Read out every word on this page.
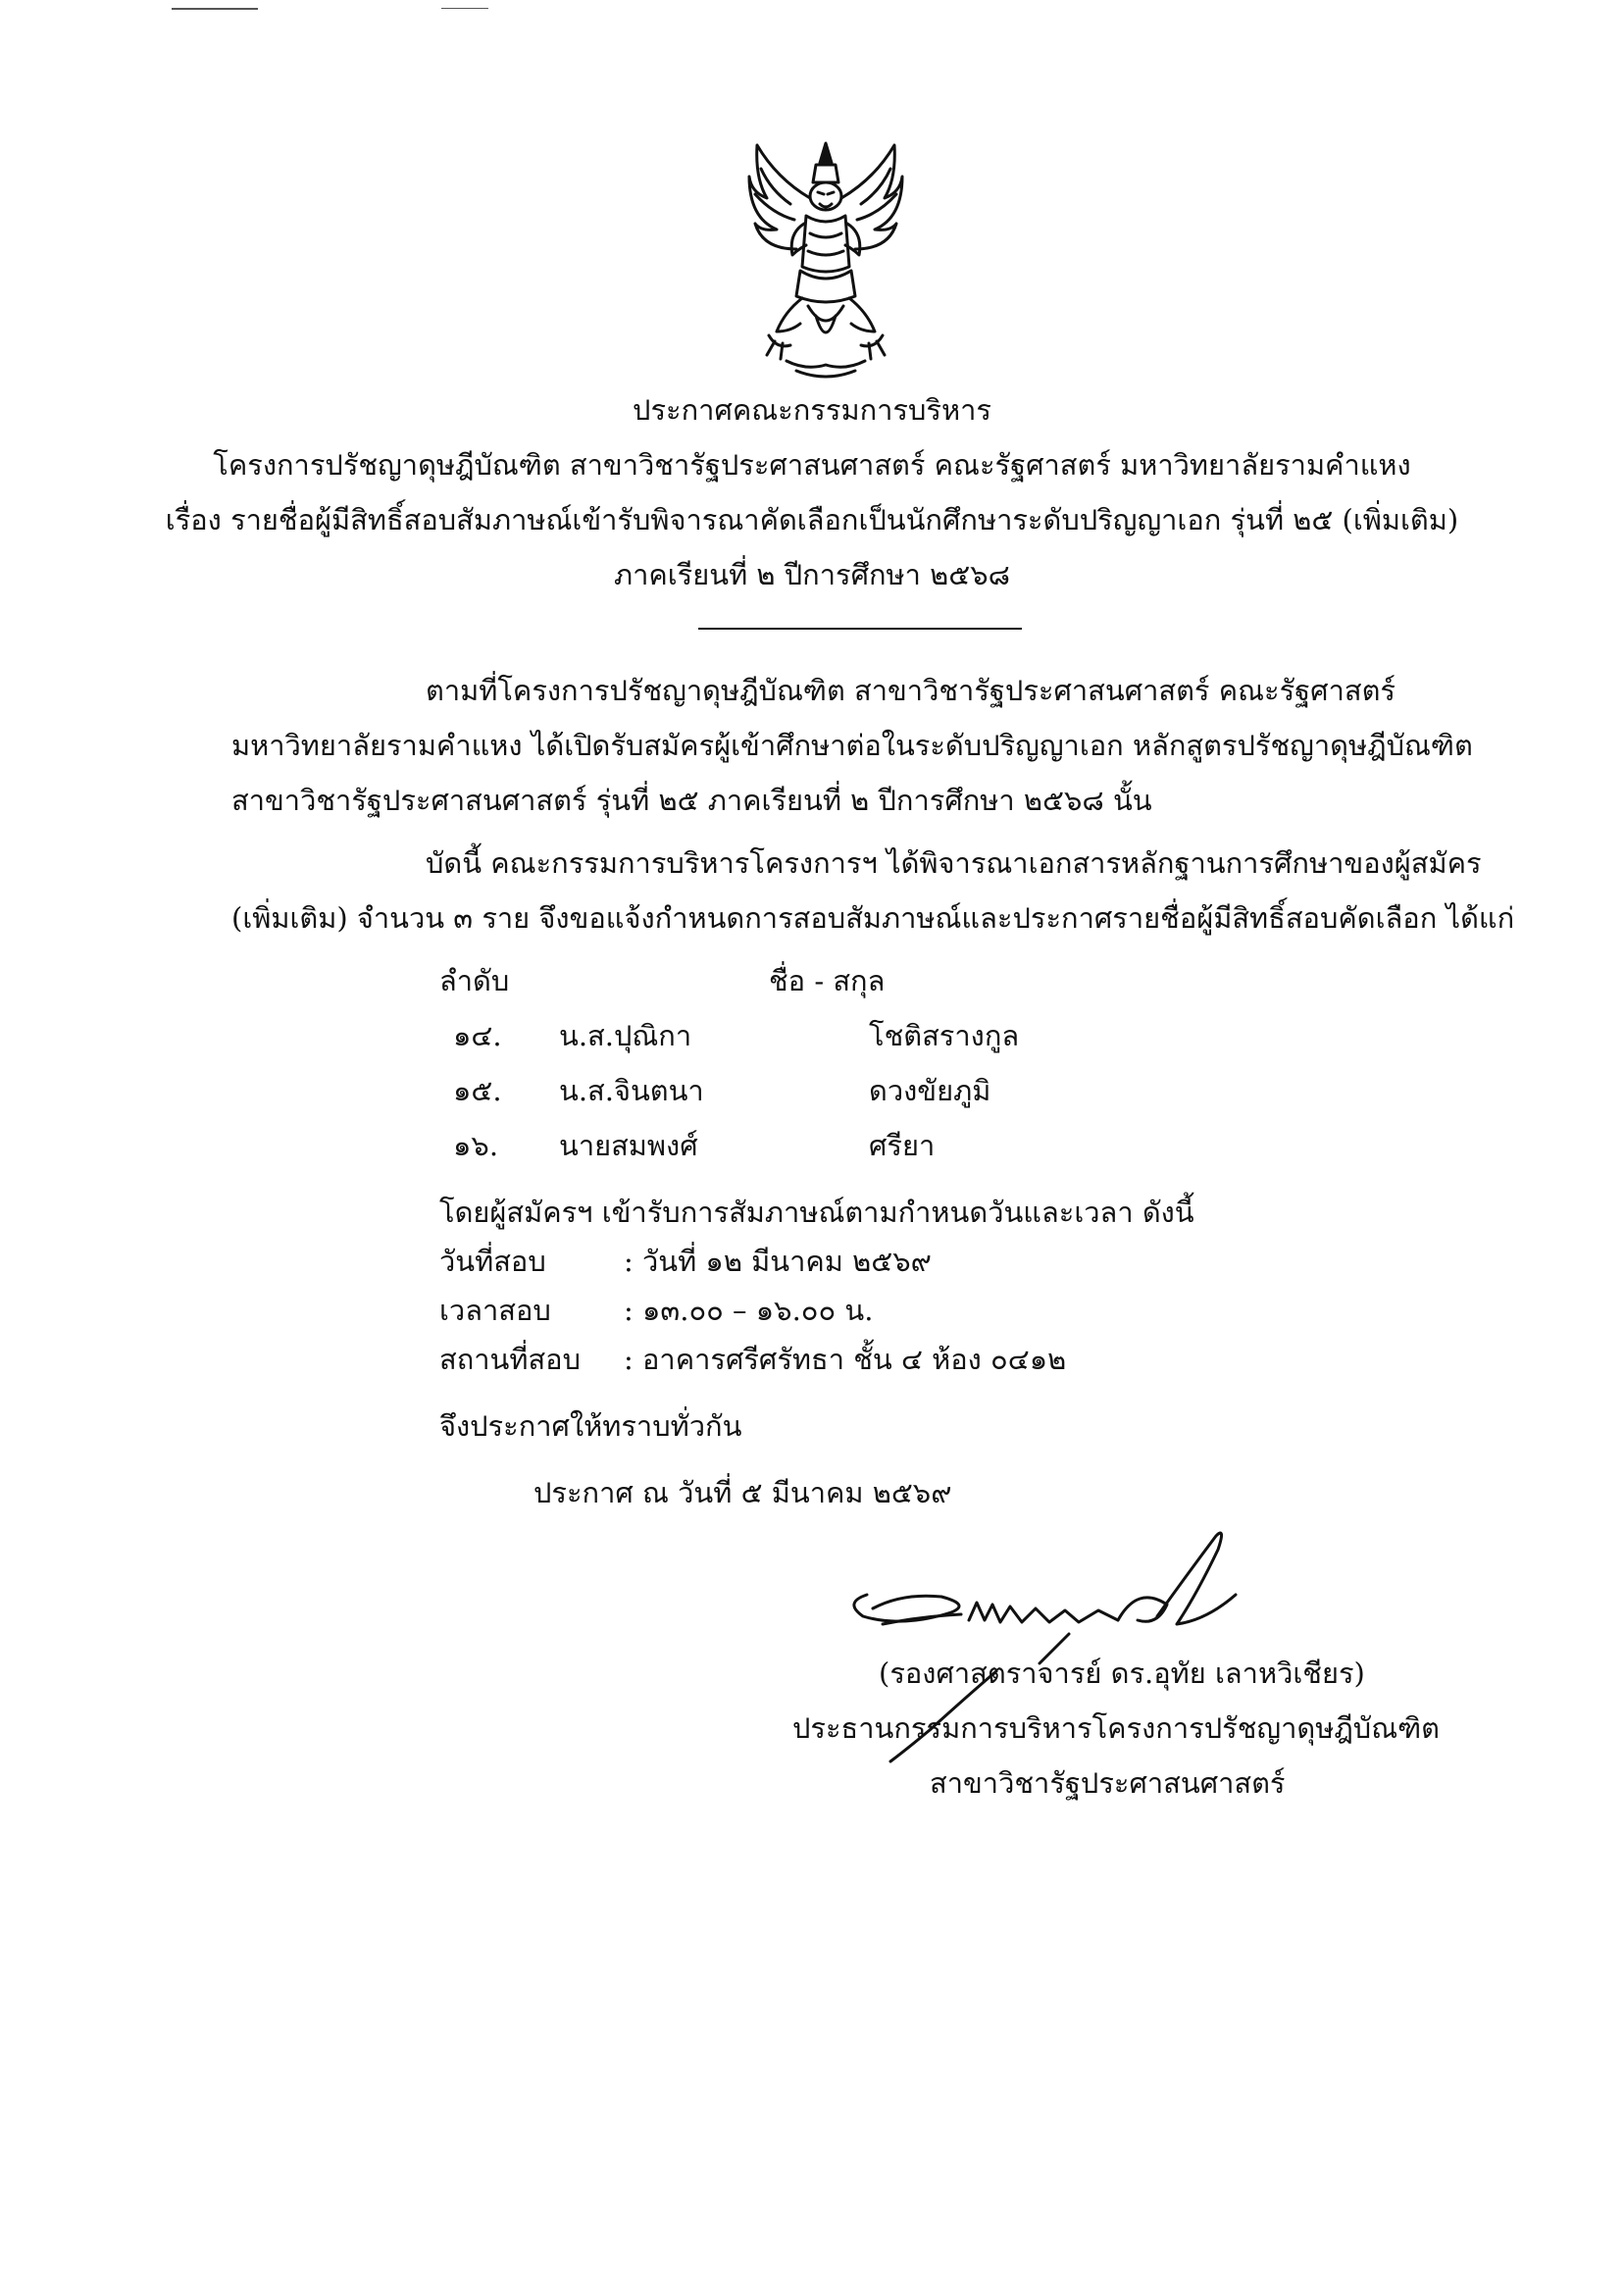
ประกาศคณะกรรมการบริหาร
โครงการปรัชญาดุษฎีบัณฑิต สาขาวิชารัฐประศาสนศาสตร์ คณะรัฐศาสตร์ มหาวิทยาลัยรามคำแหง
เรื่อง รายชื่อผู้มีสิทธิ์สอบสัมภาษณ์เข้ารับพิจารณาคัดเลือกเป็นนักศึกษาระดับปริญญาเอก รุ่นที่ ๒๕ (เพิ่มเติม)
ภาคเรียนที่ ๒ ปีการศึกษา ๒๕๖๘
ตามที่โครงการปรัชญาดุษฎีบัณฑิต สาขาวิชารัฐประศาสนศาสตร์ คณะรัฐศาสตร์
มหาวิทยาลัยรามคำแหง ได้เปิดรับสมัครผู้เข้าศึกษาต่อในระดับปริญญาเอก หลักสูตรปรัชญาดุษฎีบัณฑิต
สาขาวิชารัฐประศาสนศาสตร์ รุ่นที่ ๒๕ ภาคเรียนที่ ๒ ปีการศึกษา ๒๕๖๘ นั้น
บัดนี้ คณะกรรมการบริหารโครงการฯ ได้พิจารณาเอกสารหลักฐานการศึกษาของผู้สมัคร
(เพิ่มเติม) จำนวน ๓ ราย จึงขอแจ้งกำหนดการสอบสัมภาษณ์และประกาศรายชื่อผู้มีสิทธิ์สอบคัดเลือก ได้แก่
ลำดับ	ชื่อ - สกุล
๑๔. น.ส.ปุณิกา	โชติสรางกูล
๑๕. น.ส.จินตนา	ดวงขัยภูมิ
๑๖. นายสมพงศ์	ศรียา
โดยผู้สมัครฯ เข้ารับการสัมภาษณ์ตามกำหนดวันและเวลา ดังนี้
วันที่สอบ	: วันที่ ๑๒ มีนาคม ๒๕๖๙
เวลาสอบ	: ๑๓.๐๐ – ๑๖.๐๐ น.
สถานที่สอบ : อาคารศรีศรัทธา ชั้น ๔ ห้อง ๐๔๑๒
จึงประกาศให้ทราบทั่วกัน
ประกาศ ณ วันที่ ๕ มีนาคม ๒๕๖๙
(รองศาสตราจารย์ ดร.อุทัย เลาหวิเชียร)
ประธานกรรมการบริหารโครงการปรัชญาดุษฎีบัณฑิต
สาขาวิชารัฐประศาสนศาสตร์
